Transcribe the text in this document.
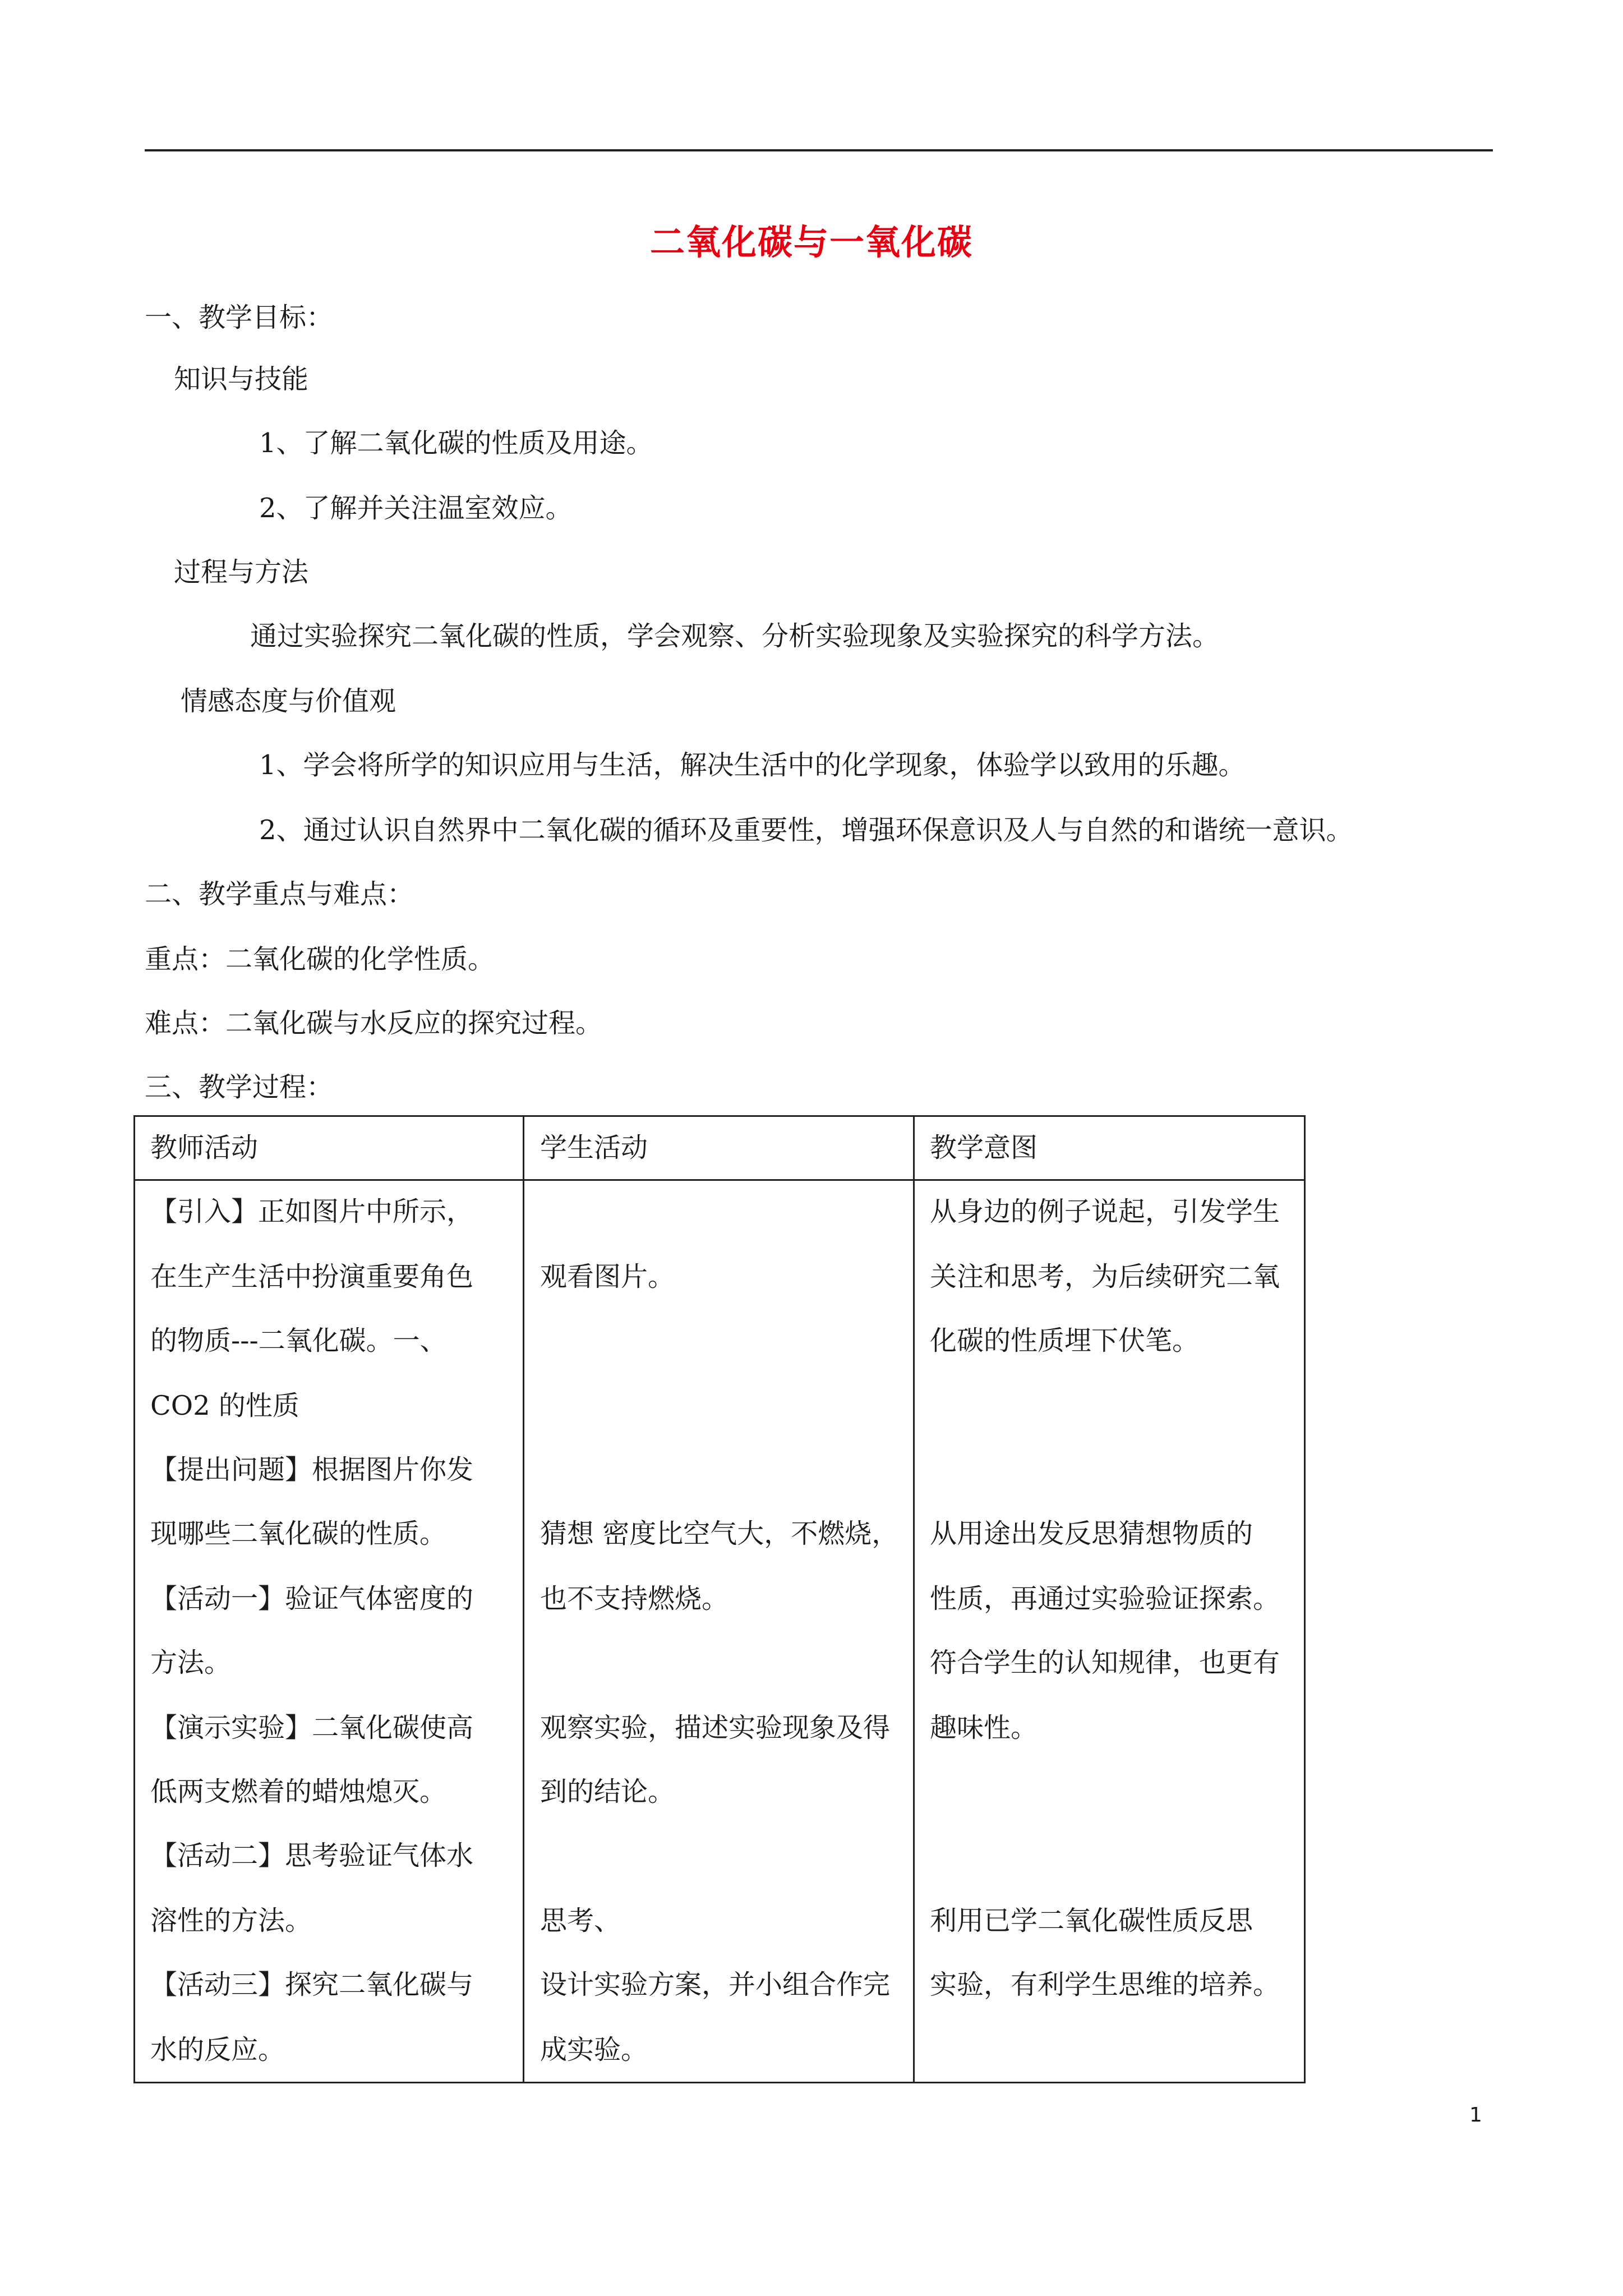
二氧化碳与一氧化碳
一、教学目标：
知识与技能
1、了解二氧化碳的性质及用途。
2、了解并关注温室效应。
过程与方法
通过实验探究二氧化碳的性质，学会观察、分析实验现象及实验探究的科学方法。
情感态度与价值观
1、学会将所学的知识应用与生活，解决生活中的化学现象，体验学以致用的乐趣。
2、通过认识自然界中二氧化碳的循环及重要性，增强环保意识及人与自然的和谐统一意识。
二、教学重点与难点：
重点：二氧化碳的化学性质。
难点：二氧化碳与水反应的探究过程。
三、教学过程：
教师活动	学生活动	教学意图
【引入】正如图片中所示，
在生产生活中扮演重要角色
的物质---二氧化碳。一、
CO2 的性质
【提出问题】根据图片你发
现哪些二氧化碳的性质。
【活动一】验证气体密度的
方法。
【演示实验】二氧化碳使高
低两支燃着的蜡烛熄灭。
【活动二】思考验证气体水
溶性的方法。
【活动三】探究二氧化碳与
水的反应。
观看图片。
猜想 密度比空气大，不燃烧，
也不支持燃烧。
观察实验，描述实验现象及得
到的结论。
思考、
设计实验方案，并小组合作完
成实验。
从身边的例子说起，引发学生
关注和思考，为后续研究二氧
化碳的性质埋下伏笔。
从用途出发反思猜想物质的
性质，再通过实验验证探索。
符合学生的认知规律，也更有
趣味性。
利用已学二氧化碳性质反思
实验，有利学生思维的培养。
1
